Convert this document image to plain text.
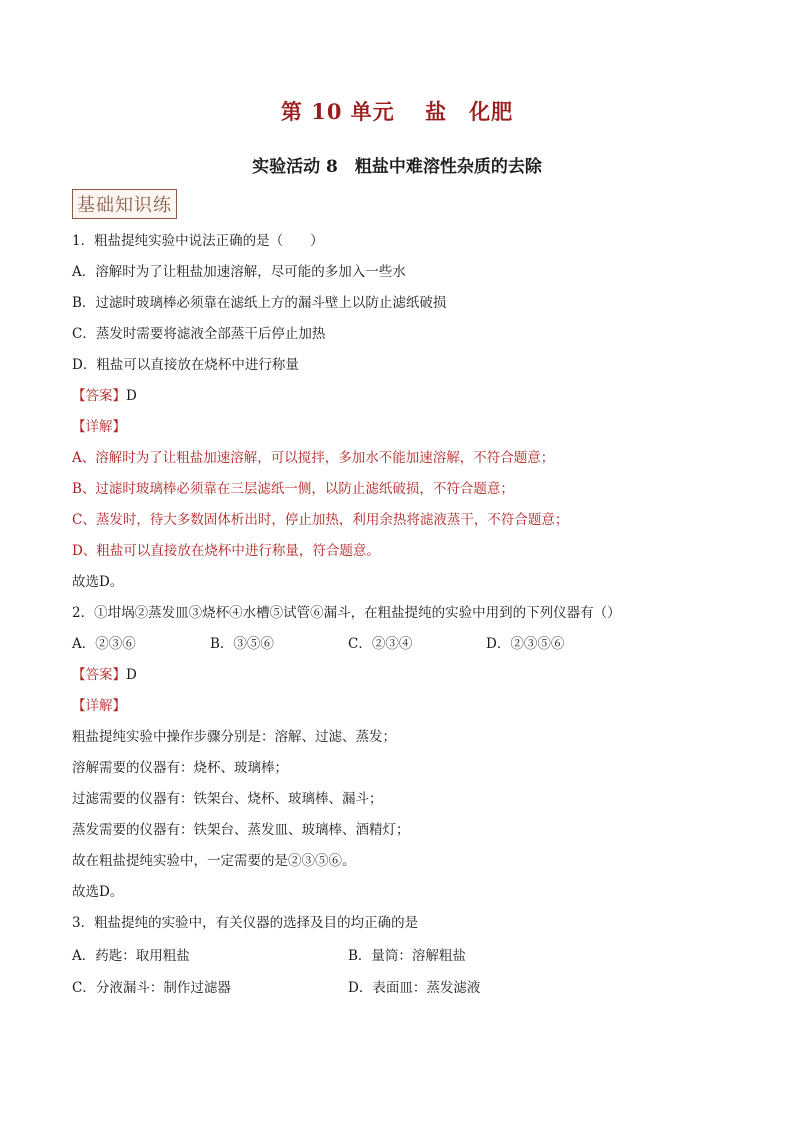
第 10 单元　 盐　化肥
实验活动 8　粗盐中难溶性杂质的去除
基础知识练
1．粗盐提纯实验中说法正确的是（　　）
A．溶解时为了让粗盐加速溶解，尽可能的多加入一些水
B．过滤时玻璃棒必须靠在滤纸上方的漏斗壁上以防止滤纸破损
C．蒸发时需要将滤液全部蒸干后停止加热
D．粗盐可以直接放在烧杯中进行称量
【答案】D
【详解】
A、溶解时为了让粗盐加速溶解，可以搅拌，多加水不能加速溶解，不符合题意；
B、过滤时玻璃棒必须靠在三层滤纸一侧，以防止滤纸破损，不符合题意；
C、蒸发时，待大多数固体析出时，停止加热，利用余热将滤液蒸干，不符合题意；
D、粗盐可以直接放在烧杯中进行称量，符合题意。
故选D。
2．①坩埚②蒸发皿③烧杯④水槽⑤试管⑥漏斗，在粗盐提纯的实验中用到的下列仪器有（）
A．②③⑥	B．③⑤⑥	C．②③④	D．②③⑤⑥
【答案】D
【详解】
粗盐提纯实验中操作步骤分别是：溶解、过滤、蒸发；
溶解需要的仪器有：烧杯、玻璃棒；
过滤需要的仪器有：铁架台、烧杯、玻璃棒、漏斗；
蒸发需要的仪器有：铁架台、蒸发皿、玻璃棒、酒精灯；
故在粗盐提纯实验中，一定需要的是②③⑤⑥。
故选D。
3．粗盐提纯的实验中，有关仪器的选择及目的均正确的是
A．药匙：取用粗盐	B．量筒：溶解粗盐
C．分液漏斗：制作过滤器	D．表面皿：蒸发滤液
